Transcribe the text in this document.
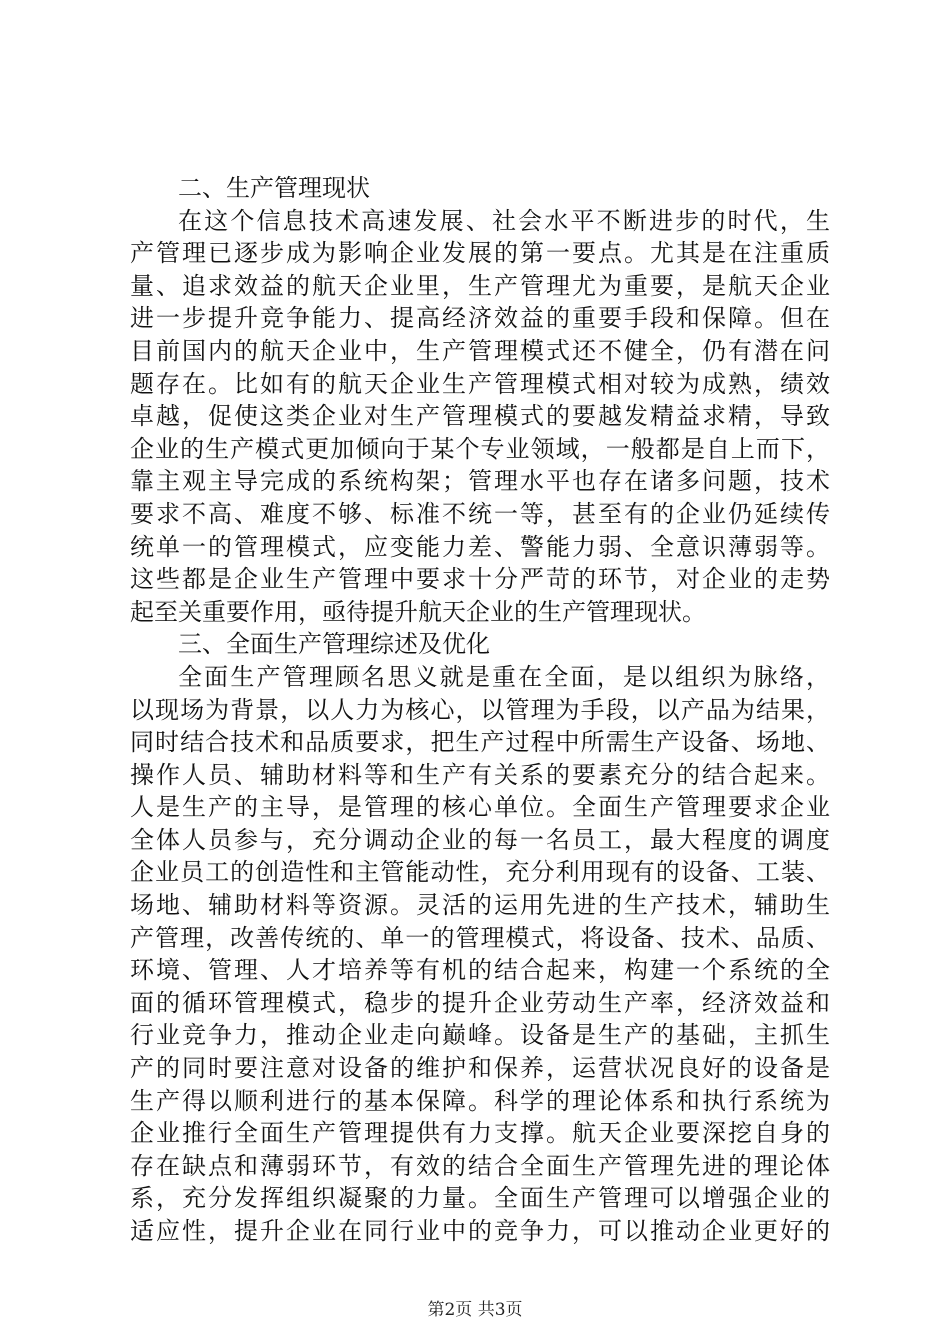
二、生产管理现状
在这个信息技术高速发展、社会水平不断进步的时代，生
产管理已逐步成为影响企业发展的第一要点。尤其是在注重质
量、追求效益的航天企业里，生产管理尤为重要，是航天企业
进一步提升竞争能力、提高经济效益的重要手段和保障。但在
目前国内的航天企业中，生产管理模式还不健全，仍有潜在问
题存在。比如有的航天企业生产管理模式相对较为成熟，绩效
卓越，促使这类企业对生产管理模式的要越发精益求精，导致
企业的生产模式更加倾向于某个专业领域，一般都是自上而下，
靠主观主导完成的系统构架；管理水平也存在诸多问题，技术
要求不高、难度不够、标准不统一等，甚至有的企业仍延续传
统单一的管理模式，应变能力差、警能力弱、全意识薄弱等。
这些都是企业生产管理中要求十分严苛的环节，对企业的走势
起至关重要作用，亟待提升航天企业的生产管理现状。
三、全面生产管理综述及优化
全面生产管理顾名思义就是重在全面，是以组织为脉络，
以现场为背景，以人力为核心，以管理为手段，以产品为结果，
同时结合技术和品质要求，把生产过程中所需生产设备、场地、
操作人员、辅助材料等和生产有关系的要素充分的结合起来。
人是生产的主导，是管理的核心单位。全面生产管理要求企业
全体人员参与，充分调动企业的每一名员工，最大程度的调度
企业员工的创造性和主管能动性，充分利用现有的设备、工装、
场地、辅助材料等资源。灵活的运用先进的生产技术，辅助生
产管理，改善传统的、单一的管理模式，将设备、技术、品质、
环境、管理、人才培养等有机的结合起来，构建一个系统的全
面的循环管理模式，稳步的提升企业劳动生产率，经济效益和
行业竞争力，推动企业走向巅峰。设备是生产的基础，主抓生
产的同时要注意对设备的维护和保养，运营状况良好的设备是
生产得以顺利进行的基本保障。科学的理论体系和执行系统为
企业推行全面生产管理提供有力支撑。航天企业要深挖自身的
存在缺点和薄弱环节，有效的结合全面生产管理先进的理论体
系，充分发挥组织凝聚的力量。全面生产管理可以增强企业的
适应性，提升企业在同行业中的竞争力，可以推动企业更好的
第2页 共3页
